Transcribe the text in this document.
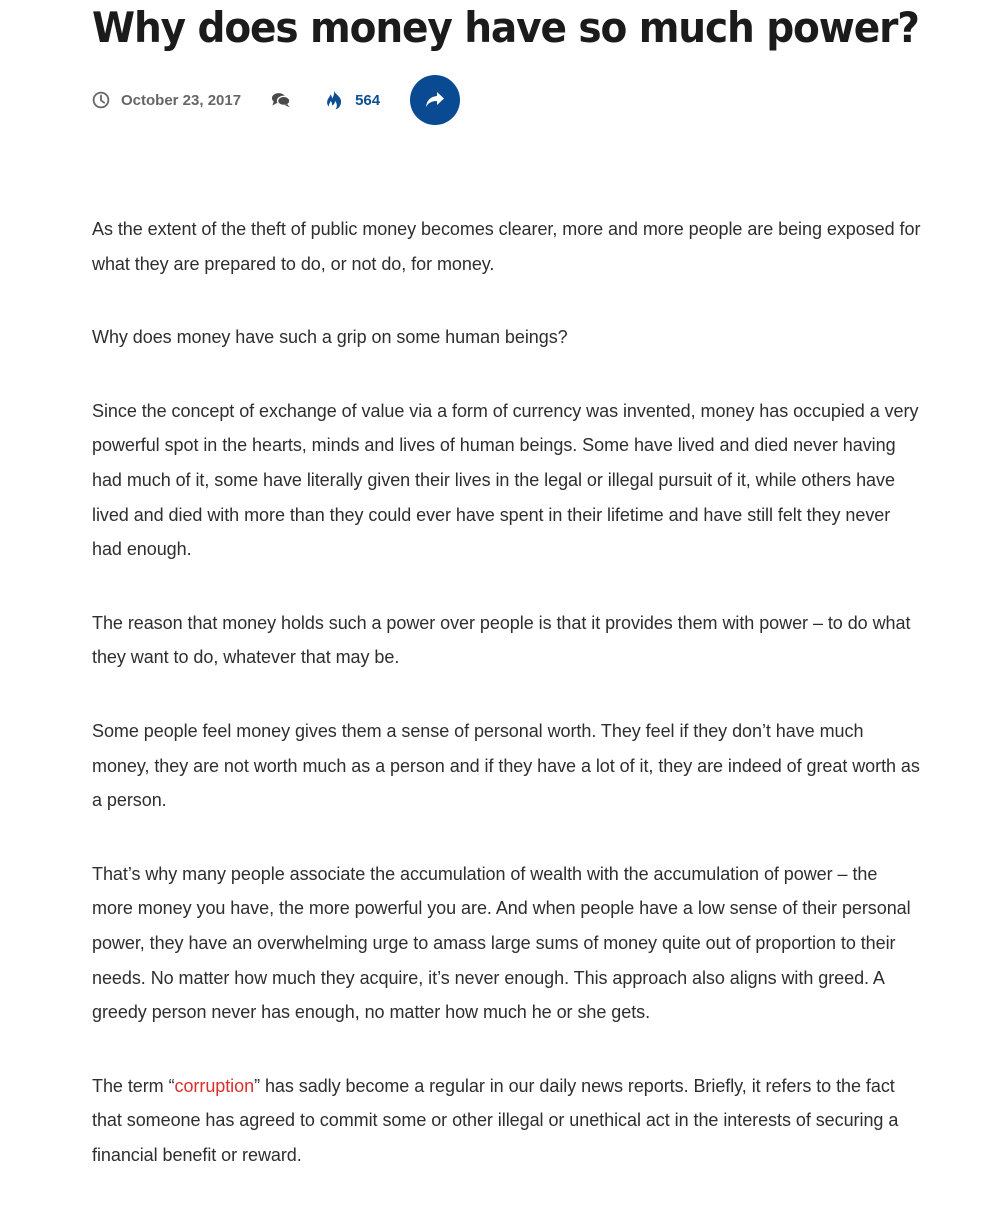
Why does money have so much power?
October 23, 2017	564

As the extent of the theft of public money becomes clearer, more and more people are being exposed for what they are prepared to do, or not do, for money.

Why does money have such a grip on some human beings?

Since the concept of exchange of value via a form of currency was invented, money has occupied a very powerful spot in the hearts, minds and lives of human beings. Some have lived and died never having had much of it, some have literally given their lives in the legal or illegal pursuit of it, while others have lived and died with more than they could ever have spent in their lifetime and have still felt they never had enough.

The reason that money holds such a power over people is that it provides them with power – to do what they want to do, whatever that may be.

Some people feel money gives them a sense of personal worth. They feel if they don’t have much money, they are not worth much as a person and if they have a lot of it, they are indeed of great worth as a person.

That’s why many people associate the accumulation of wealth with the accumulation of power – the more money you have, the more powerful you are. And when people have a low sense of their personal power, they have an overwhelming urge to amass large sums of money quite out of proportion to their needs. No matter how much they acquire, it’s never enough. This approach also aligns with greed. A greedy person never has enough, no matter how much he or she gets.

The term “corruption” has sadly become a regular in our daily news reports. Briefly, it refers to the fact that someone has agreed to commit some or other illegal or unethical act in the interests of securing a financial benefit or reward.
